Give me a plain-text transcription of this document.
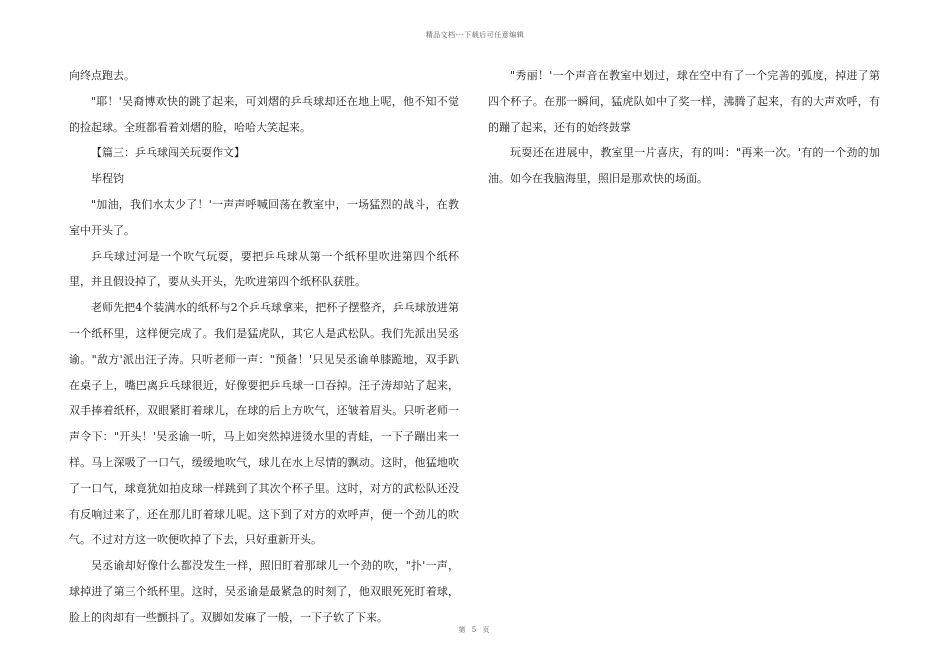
精品文档---下载后可任意编辑

向终点跑去。

"耶！'吴裔博欢快的跳了起来，可刘熠的乒乓球却还在地上呢，他不知不觉的捡起球。全班都看着刘熠的脸，哈哈大笑起来。

【篇三：乒乓球闯关玩耍作文】

毕程钧

"加油，我们水太少了！'一声声呼喊回荡在教室中，一场猛烈的战斗，在教室中开头了。

乒乓球过河是一个吹气玩耍，要把乒乓球从第一个纸杯里吹进第四个纸杯里，并且假设掉了，要从头开头，先吹进第四个纸杯队获胜。

老师先把4个装满水的纸杯与2个乒乓球拿来，把杯子摆整齐，乒乓球放进第一个纸杯里，这样便完成了。我们是猛虎队，其它人是武松队。我们先派出吴丞谕。"敌方'派出汪子涛。只听老师一声："预备！'只见吴丞谕单膝跪地，双手趴在桌子上，嘴巴离乒乓球很近，好像要把乒乓球一口吞掉。汪子涛却站了起来，双手捧着纸杯，双眼紧盯着球儿，在球的后上方吹气，还皱着眉头。只听老师一声令下："开头！'吴丞谕一听，马上如突然掉进烫水里的青蛙，一下子蹦出来一样。马上深吸了一口气，缓缓地吹气，球儿在水上尽情的飘动。这时，他猛地吹了一口气，球竟犹如拍皮球一样跳到了其次个杯子里。这时，对方的武松队还没有反响过来了，还在那儿盯着球儿呢。这下到了对方的欢呼声，便一个劲儿的吹气。不过对方这一吹便吹掉了下去，只好重新开头。

吴丞谕却好像什么都没发生一样，照旧盯着那球儿一个劲的吹，"扑'一声，球掉进了第三个纸杯里。这时，吴丞谕是最紧急的时刻了，他双眼死死盯着球，脸上的肉却有一些颤抖了。双脚如发麻了一般，一下子软了下来。

"秀丽！'一个声音在教室中划过，球在空中有了一个完善的弧度，掉进了第四个杯子。在那一瞬间，猛虎队如中了奖一样，沸腾了起来，有的大声欢呼，有的蹦了起来，还有的始终鼓掌

玩耍还在进展中，教室里一片喜庆，有的叫："再来一次。'有的一个劲的加油。如今在我脑海里，照旧是那欢快的场面。

第 5 页
